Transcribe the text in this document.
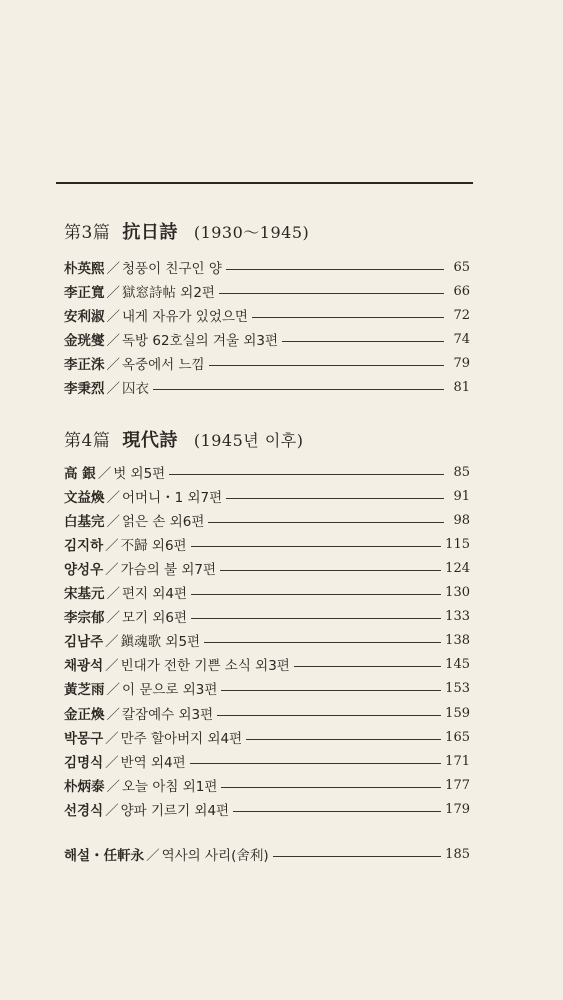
第3篇 抗日詩 (1930〜1945)
朴英熙 ／ 청풍이 친구인 양	65
李正寬 ／ 獄窓詩帖 외2편	66
安利淑 ／ 내게 자유가 있었으면	72
金珖燮 ／ 독방 62호실의 겨울 외3편	74
李正洙 ／ 옥중에서 느낌	79
李秉烈 ／ 囚衣	81
第4篇 現代詩 (1945년 이후)
高 銀 ／ 벗 외5편	85
文益煥 ／ 어머니・1 외7편	91
白基完 ／ 얽은 손 외6편	98
김지하 ／ 不歸 외6편	115
양성우 ／ 가슴의 불 외7편	124
宋基元 ／ 편지 외4편	130
李宗郁 ／ 모기 외6편	133
김남주 ／ 鎭魂歌 외5편	138
채광석 ／ 빈대가 전한 기쁜 소식 외3편	145
黃芝雨 ／ 이 문으로 외3편	153
金正煥 ／ 칼잠예수 외3편	159
박몽구 ／ 만주 할아버지 외4편	165
김명식 ／ 반역 외4편	171
朴炳泰 ／ 오늘 아침 외1편	177
선경식 ／ 양파 기르기 외4편	179
해설・任軒永 ／ 역사의 사리(舍利)	185
